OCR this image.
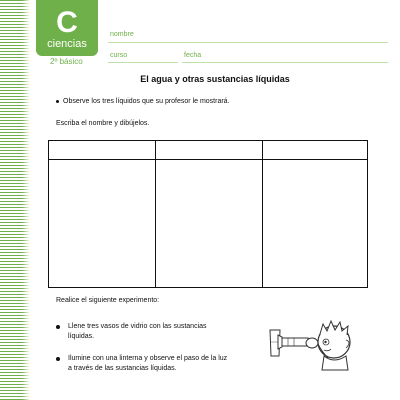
C
ciencias
2º básico
nombre
curso	fecha
El agua y otras sustancias líquidas
Observe los tres líquidos que su profesor le mostrará.
Escriba el nombre y dibújelos.
Realice el siguiente experimento:
Llene tres vasos de vidrio con las sustancias
líquidas.
Ilumine con una linterna y observe el paso de la luz
a través de las sustancias líquidas.
